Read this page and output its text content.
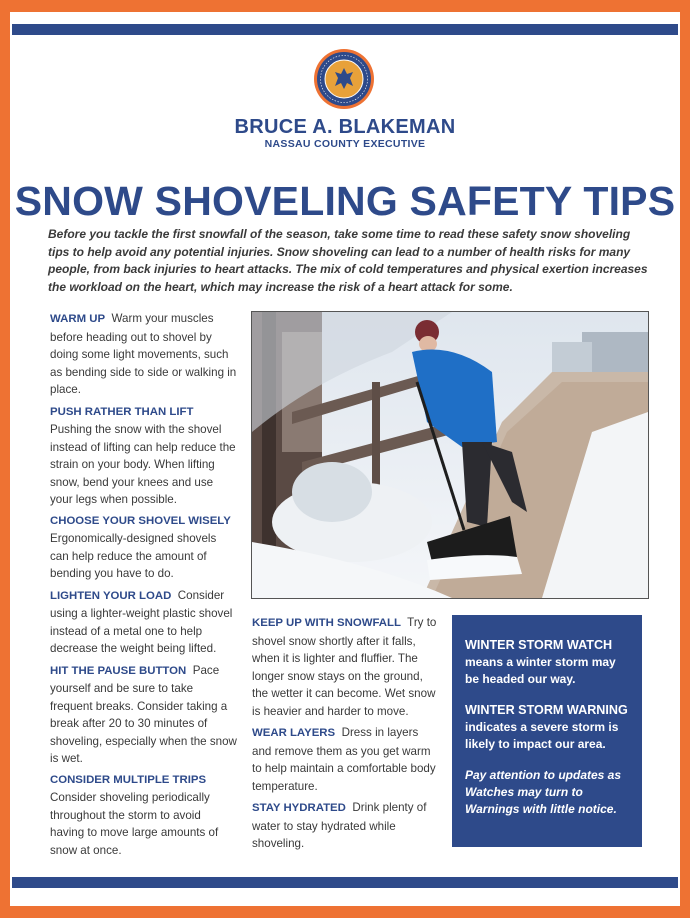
BRUCE A. BLAKEMAN
NASSAU COUNTY EXECUTIVE
SNOW SHOVELING SAFETY TIPS
Before you tackle the first snowfall of the season, take some time to read these safety snow shoveling tips to help avoid any potential injuries. Snow shoveling can lead to a number of health risks for many people, from back injuries to heart attacks. The mix of cold temperatures and physical exertion increases the workload on the heart, which may increase the risk of a heart attack for some.
WARM UP Warm your muscles before heading out to shovel by doing some light movements, such as bending side to side or walking in place.
PUSH RATHER THAN LIFT  Pushing the snow with the shovel instead of lifting can help reduce the strain on your body. When lifting snow, bend your knees and use your legs when possible.
CHOOSE YOUR SHOVEL WISELY
Ergonomically-designed shovels can help reduce the amount of bending you have to do.
LIGHTEN YOUR LOAD Consider using a lighter-weight plastic shovel instead of a metal one to help decrease the weight being lifted.
HIT THE PAUSE BUTTON Pace yourself and be sure to take frequent breaks. Consider taking a break after 20 to 30 minutes of shoveling, especially when the snow is wet.
CONSIDER MULTIPLE TRIPS
Consider shoveling periodically throughout the storm to avoid having to move large amounts of snow at once.
KEEP UP WITH SNOWFALL Try to shovel snow shortly after it falls, when it is lighter and fluffier. The longer snow stays on the ground, the wetter it can become. Wet snow is heavier and harder to move.
WEAR LAYERS Dress in layers and remove them as you get warm to help maintain a comfortable body temperature.
STAY HYDRATED Drink plenty of water to stay hydrated while shoveling.

WINTER STORM WATCH
means a winter storm may be headed our way.

WINTER STORM WARNING
indicates a severe storm is likely to impact our area.

Pay attention to updates as Watches may turn to Warnings with little notice.
